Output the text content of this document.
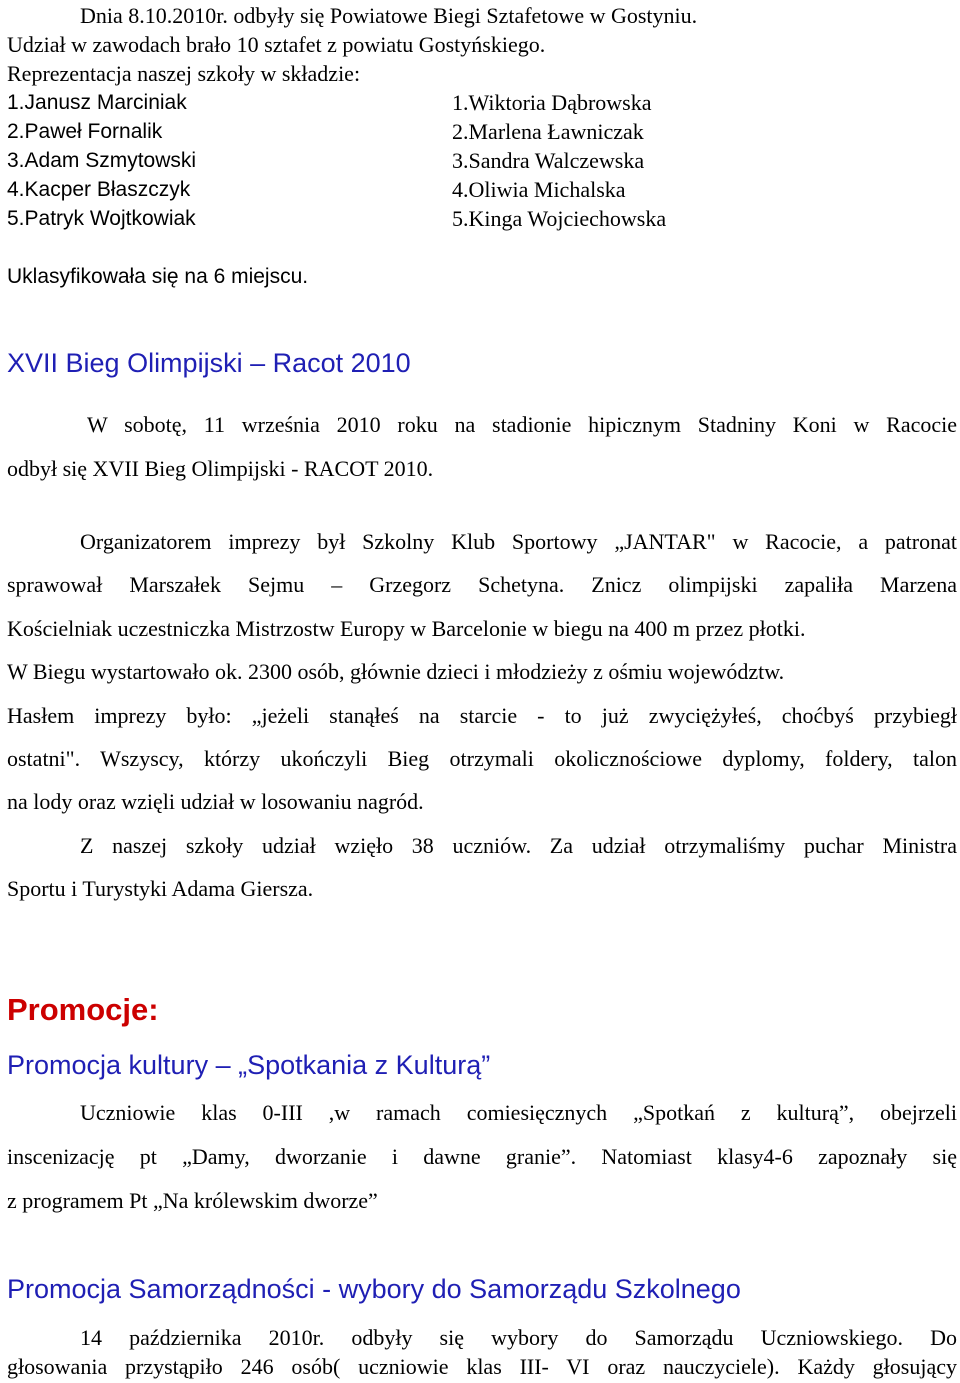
Dnia 8.10.2010r. odbyły się Powiatowe Biegi Sztafetowe w Gostyniu.
Udział w zawodach brało 10 sztafet z powiatu Gostyńskiego.
Reprezentacja naszej szkoły w składzie:
1.Janusz Marciniak
2.Paweł Fornalik
3.Adam Szmytowski
4.Kacper Błaszczyk
5.Patryk Wojtkowiak
1.Wiktoria Dąbrowska
2.Marlena Ławniczak
3.Sandra Walczewska
4.Oliwia Michalska
5.Kinga Wojciechowska
Uklasyfikowała się na 6 miejscu.
XVII Bieg Olimpijski – Racot 2010
W sobotę, 11 września 2010 roku na stadionie hipicznym Stadniny Koni w Racocie
odbył się XVII Bieg Olimpijski - RACOT 2010.
Organizatorem imprezy był Szkolny Klub Sportowy „JANTAR" w Racocie, a patronat
sprawował Marszałek Sejmu – Grzegorz Schetyna. Znicz olimpijski zapaliła Marzena
Kościelniak uczestniczka Mistrzostw Europy w Barcelonie w biegu na 400 m przez płotki.
W Biegu wystartowało ok. 2300 osób, głównie dzieci i młodzieży z ośmiu województw.
Hasłem imprezy było: „jeżeli stanąłeś na starcie - to już zwyciężyłeś, choćbyś przybiegł
ostatni". Wszyscy, którzy ukończyli Bieg otrzymali okolicznościowe dyplomy, foldery, talon
na lody oraz wzięli udział w losowaniu nagród.
Z naszej szkoły udział wzięło 38 uczniów. Za udział otrzymaliśmy puchar Ministra
Sportu i Turystyki Adama Giersza.
Promocje:
Promocja kultury – „Spotkania z Kulturą”
Uczniowie klas 0-III ,w ramach comiesięcznych „Spotkań z kulturą”, obejrzeli
inscenizację pt „Damy, dworzanie i dawne granie”. Natomiast klasy4-6 zapoznały się
z programem Pt „Na królewskim dworze”
Promocja Samorządności - wybory do Samorządu Szkolnego
14 października 2010r. odbyły się wybory do Samorządu Uczniowskiego. Do
głosowania przystąpiło 246 osób( uczniowie klas III- VI oraz nauczyciele). Każdy głosujący
